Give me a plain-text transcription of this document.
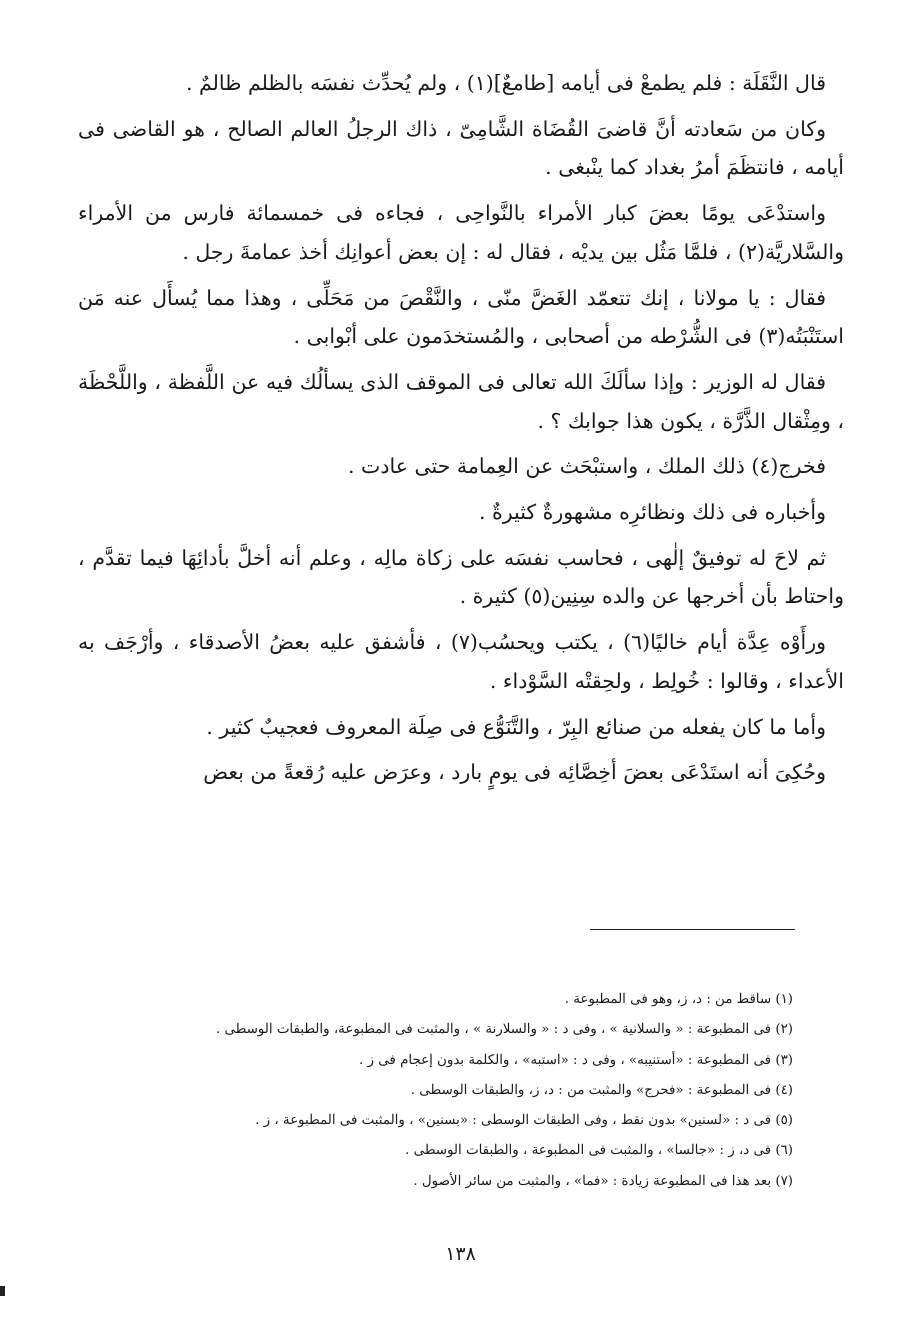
قال النَّقَلَة : فلم يطمعْ فى أيامه [طامعٌ](١) ، ولم يُحدِّث نفسَه بالظلم ظالمٌ .

وكان من سَعادته أنَّ قاضىَ القُضَاة الشَّامِىّ ، ذاك الرجلُ العالم الصالح ، هو القاضى فى أيامه ، فانتظَمَ أمرُ بغداد كما ينْبغى .

واستدْعَى يومًا بعضَ كبار الأمراء بالنَّواحِى ، فجاءه فى خمسمائة فارس من الأمراء والسَّلاريَّة(٢) ، فلمَّا مَثُل بين يديْه ، فقال له : إن بعض أعوانِك أخذ عمامةَ رجل .

فقال : يا مولانا ، إنك تتعمّد الغَضَّ منّى ، والنَّقْصَ من مَحَلِّى ، وهذا مما يُسأَل عنه مَن استَنْبَتُه(٣) فى الشُّرْطه من أصحابى ، والمُستخدَمون على أبْوابى .

فقال له الوزير : وإذا سألَكَ الله تعالى فى الموقف الذى يسألُك فيه عن اللَّفظة ، واللَّحْظَة ، ومِثْقال الذَّرَّة ، يكون هذا جوابك ؟ .

فخرج(٤) ذلك الملك ، واستبْحَث عن العِمامة حتى عادت .

وأخباره فى ذلك ونظائرِه مشهورةٌ كثيرةٌ .

ثم لاحَ له توفيقٌ إلٰهى ، فحاسب نفسَه على زكاة مالِه ، وعلم أنه أخلَّ بأدائِهَا فيما تقدَّم ، واحتاط بأن أخرجها عن والده سِنِين(٥) كثيرة .

ورأَوْه عِدَّة أيام خاليًا(٦) ، يكتب ويحسُب(٧) ، فأشفق عليه بعضُ الأصدقاء ، وأرْجَف به الأعداء ، وقالوا : خُولِط ، ولحِقتْه السَّوْداء .

وأما ما كان يفعله من صنائع البِرّ ، والتَّنَوُّع فى صِلَة المعروف فعجيبٌ كثير .

وحُكِىَ أنه استَدْعَى بعضَ أخِصَّائِه فى يومٍ بارد ، وعرَض عليه رُقعةً من بعض

(١) ساقط من : د، ز، وهو فى المطبوعة .

(٢) فى المطبوعة : « والسلانية » ، وفى د : « والسلارنة » ، والمثبت فى المطبوعة، والطبقات الوسطى .

(٣) فى المطبوعة : «أستنيبه» ، وفى د : «استبه» ، والكلمة بدون إعجام فى ز .

(٤) فى المطبوعة : «فحرج» والمثبت من : د، ز، والطبقات الوسطى .

(٥) فى د : «لسنين» بدون نقط ، وفى الطبقات الوسطى : «بسنين» ، والمثبت فى المطبوعة ، ز .

(٦) فى د، ز : «جالسا» ، والمثبت فى المطبوعة ، والطبقات الوسطى .

(٧) بعد هذا فى المطبوعة زيادة : «فما» ، والمثبت من سائر الأصول .

١٣٨
